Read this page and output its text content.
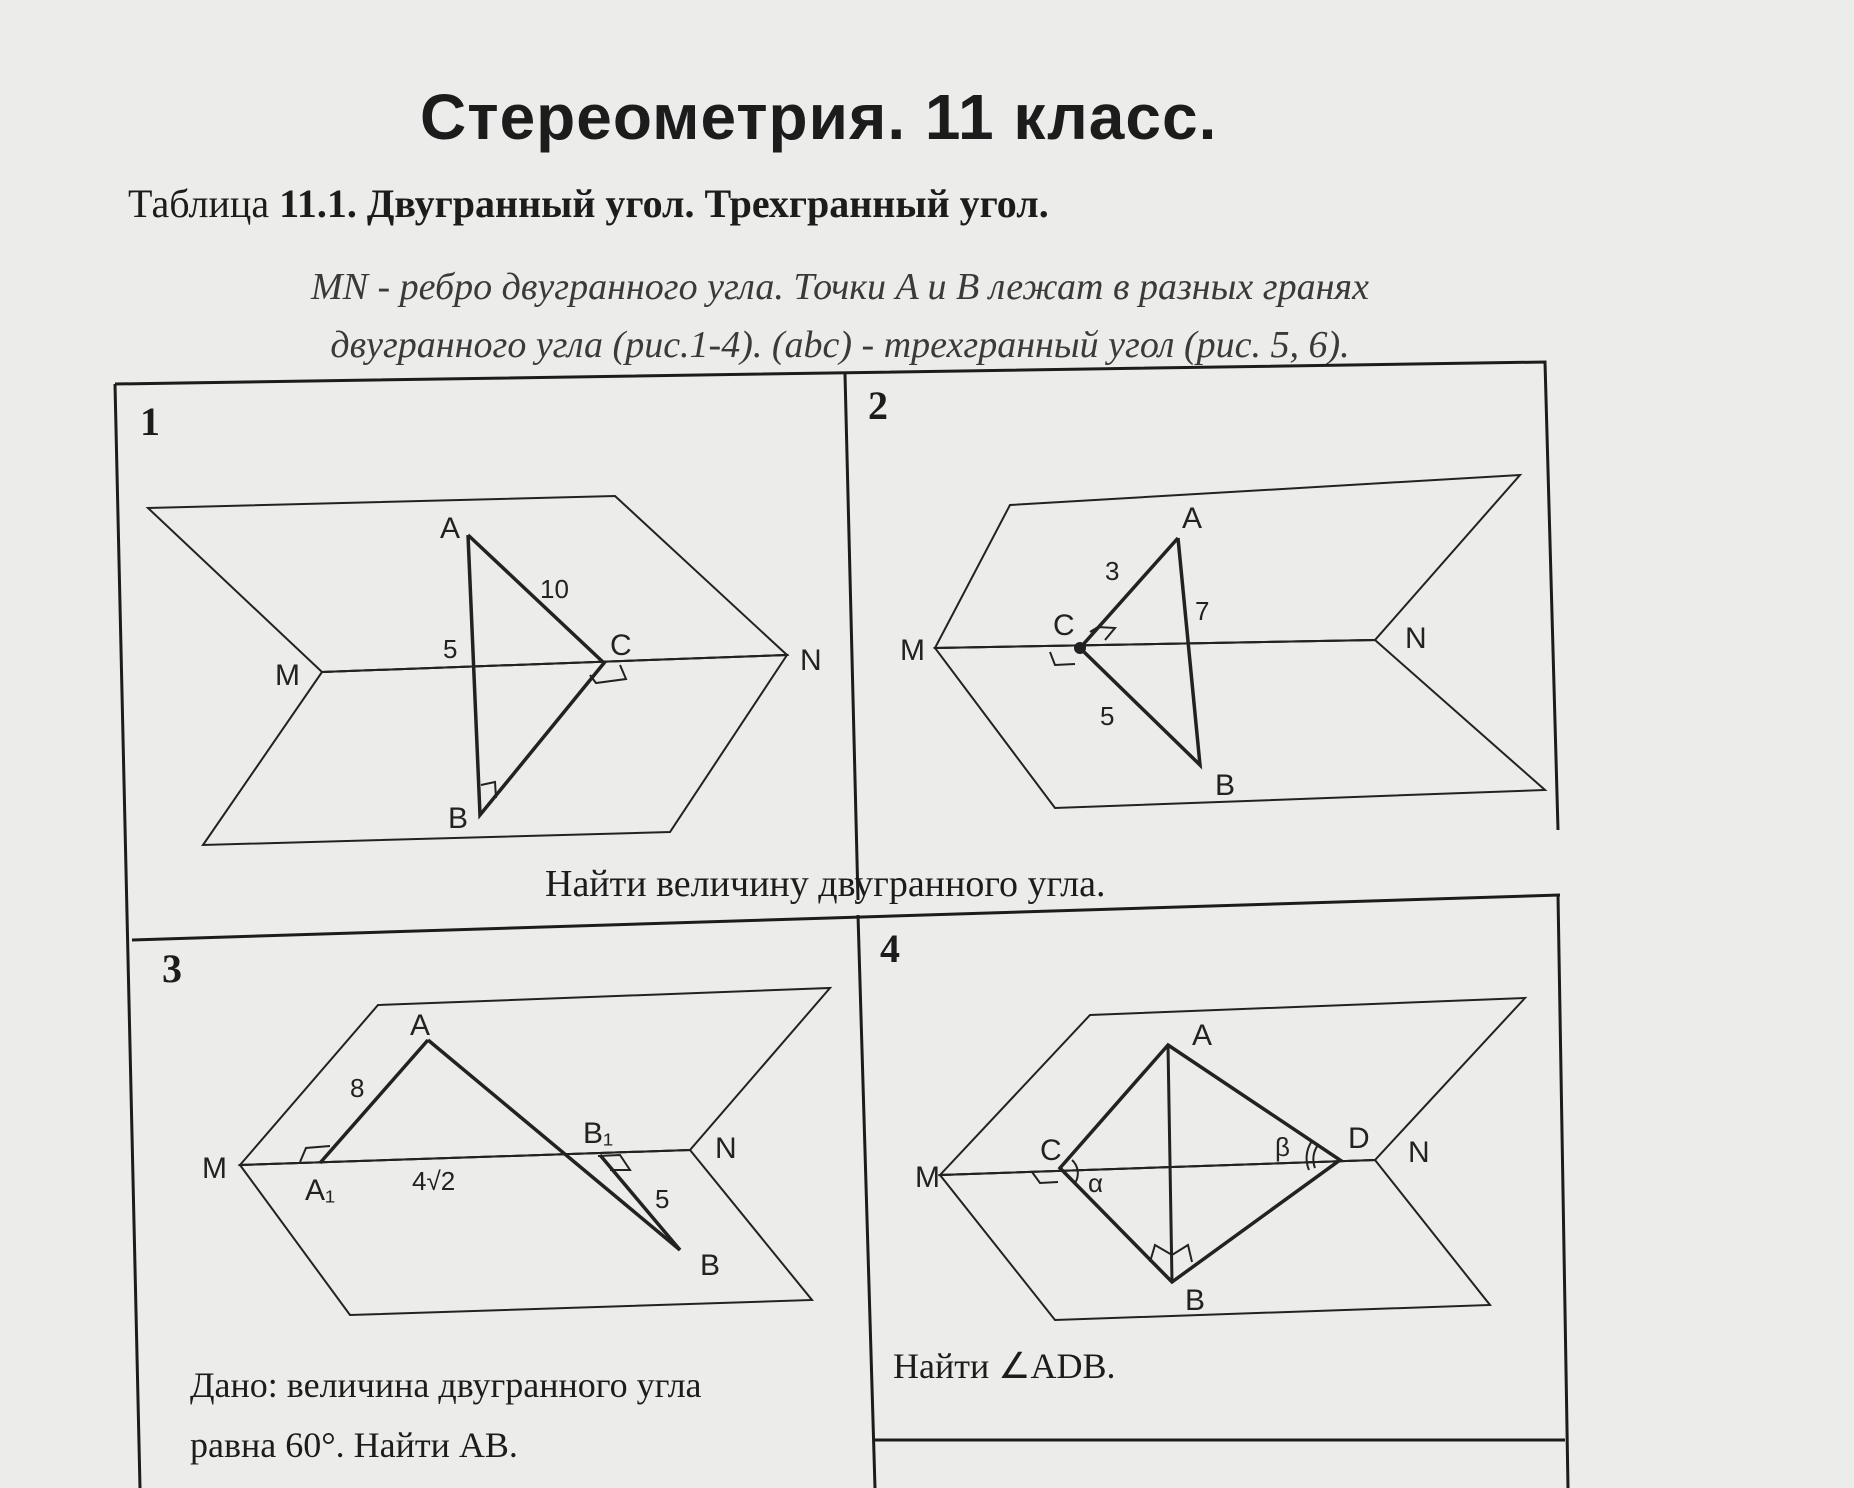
Стереометрия. 11 класс.
Таблица 11.1. Двугранный угол. Трехгранный угол.
MN - ребро двугранного угла. Точки A и B лежат в разных гранях
двугранного угла (рис.1-4). (abc) - трехгранный угол (рис. 5, 6).
A
C
M	N
B
10
5
A
C
M	N
B
3
7
5
A
M
N
A₁
B₁
B
8
4√2
5
A
C	D
M
N
B
α
β
1	2
3	4
Найти величину двугранного угла.
Дано: величина двугранного угла
равна 60°. Найти AB.
Найти ∠ADB.
